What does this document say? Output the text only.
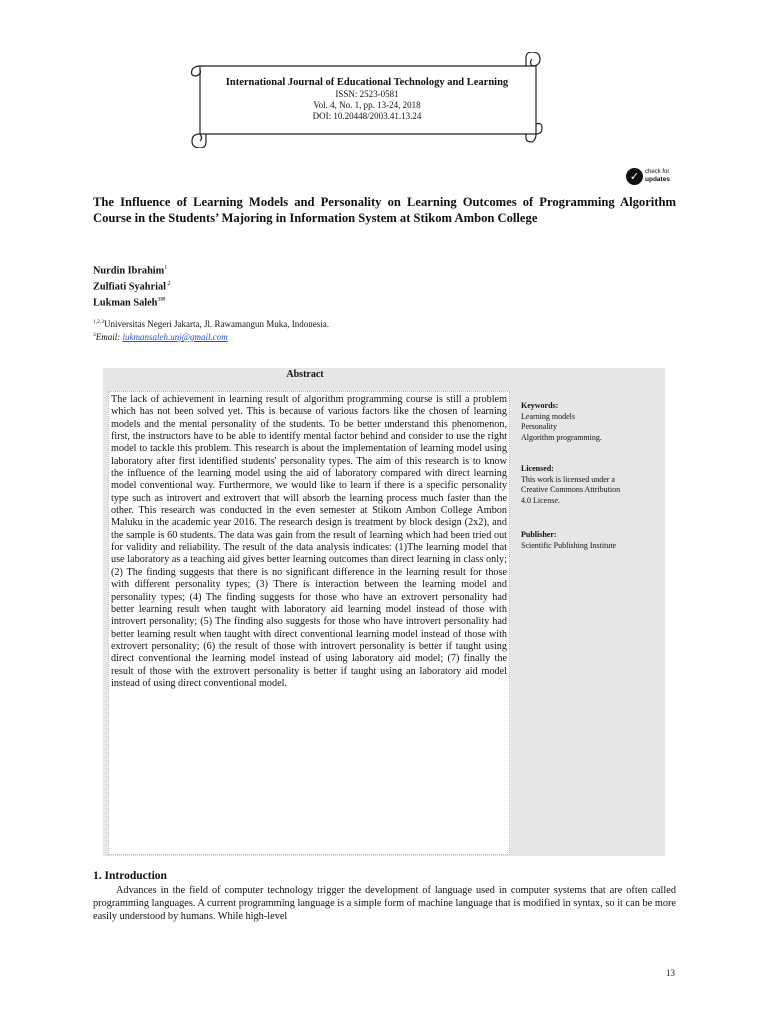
International Journal of Educational Technology and Learning
ISSN: 2523-0581
Vol. 4, No. 1, pp. 13-24, 2018
DOI: 10.20448/2003.41.13.24
✓ check for
updates
The Influence of Learning Models and Personality on Learning Outcomes of Programming Algorithm Course in the Students’ Majoring in Information System at Stikom Ambon College
Nurdin Ibrahim$^1$
Zulfiati Syahrial $^2$
Lukman Saleh$^{3✉}$
$^{1,2,3}$Universitas Negeri Jakarta, Jl. Rawamangun Muka, Indonesia.
$^3$Email: lukmansaleh.unj@gmail.com
Abstract

The lack of achievement in learning result of algorithm programming course is still a problem which has not been solved yet. This is because of various factors like the chosen of learning models and the mental personality of the students. To be better understand this phenomenon, first, the instructors have to be able to identify mental factor behind and consider to use the right model to tackle this problem. This research is about the implementation of learning model using laboratory after first identified students' personality types. The aim of this research is to know the influence of the learning model using the aid of laboratory compared with direct learning model conventional way. Furthermore, we would like to learn if there is a specific personality type such as introvert and extrovert that will absorb the learning process much faster than the other. This research was conducted in the even semester at Stikom Ambon College Ambon Maluku in the academic year 2016. The research design is treatment by block design (2x2), and the sample is 60 students. The data was gain from the result of learning which had been tried out for validity and reliability. The result of the data analysis indicates: (1)The learning model that use laboratory as a teaching aid gives better learning outcomes than direct learning in class only; (2) The finding suggests that there is no significant difference in the learning result for those with different personality types; (3) There is interaction between the learning model and personality types; (4) The finding suggests for those who have an extrovert personality had better learning result when taught with laboratory aid learning model instead of those with introvert personality; (5) The finding also suggests for those who have introvert personality had better learning result when taught with direct conventional learning model instead of those with extrovert personality; (6) the result of those with introvert personality is better if taught using direct conventional the learning model instead of using laboratory aid model; (7) finally the result of those with the extrovert personality is better if taught using an laboratory aid model instead of using direct conventional model.

Keywords:
Learning models
Personality
Algorithm programming.
Licensed:
This work is licensed under a
Creative Commons Attribution
4.0 License.
Publisher:
Scientific Publishing Institute
1. Introduction

Advances in the field of computer technology trigger the development of language used in computer systems that are often called programming languages. A current programming language is a simple form of machine language that is modified in syntax, so it can be more easily understood by humans. While high-level

13
